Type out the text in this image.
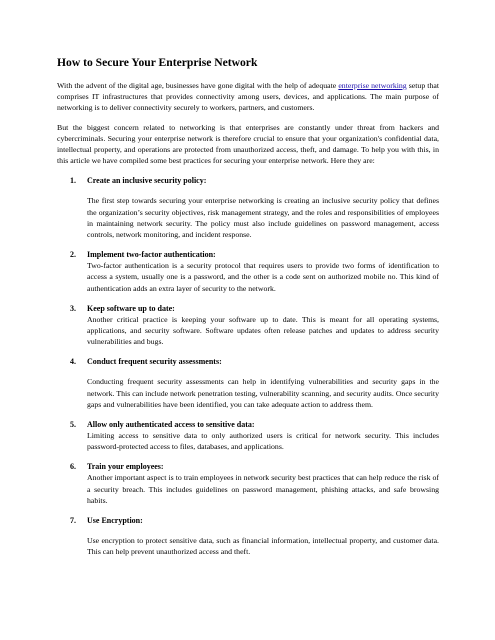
How to Secure Your Enterprise Network

With the advent of the digital age, businesses have gone digital with the help of adequate enterprise networking setup that comprises IT infrastructures that provides connectivity among users, devices, and applications. The main purpose of networking is to deliver connectivity securely to workers, partners, and customers.

But the biggest concern related to networking is that enterprises are constantly under threat from hackers and cybercriminals. Securing your enterprise network is therefore crucial to ensure that your organization's confidential data, intellectual property, and operations are protected from unauthorized access, theft, and damage. To help you with this, in this article we have compiled some best practices for securing your enterprise network. Here they are:

1. Create an inclusive security policy:
The first step towards securing your enterprise networking is creating an inclusive security policy that defines the organization’s security objectives, risk management strategy, and the roles and responsibilities of employees in maintaining network security. The policy must also include guidelines on password management, access controls, network monitoring, and incident response.
2. Implement two-factor authentication:
Two-factor authentication is a security protocol that requires users to provide two forms of identification to access a system, usually one is a password, and the other is a code sent on authorized mobile no. This kind of authentication adds an extra layer of security to the network.
3. Keep software up to date:
Another critical practice is keeping your software up to date. This is meant for all operating systems, applications, and security software. Software updates often release patches and updates to address security vulnerabilities and bugs.
4. Conduct frequent security assessments:
Conducting frequent security assessments can help in identifying vulnerabilities and security gaps in the network. This can include network penetration testing, vulnerability scanning, and security audits. Once security gaps and vulnerabilities have been identified, you can take adequate action to address them.
5. Allow only authenticated access to sensitive data:
Limiting access to sensitive data to only authorized users is critical for network security. This includes password-protected access to files, databases, and applications.
6. Train your employees:
Another important aspect is to train employees in network security best practices that can help reduce the risk of a security breach. This includes guidelines on password management, phishing attacks, and safe browsing habits.
7. Use Encryption:
Use encryption to protect sensitive data, such as financial information, intellectual property, and customer data. This can help prevent unauthorized access and theft.
